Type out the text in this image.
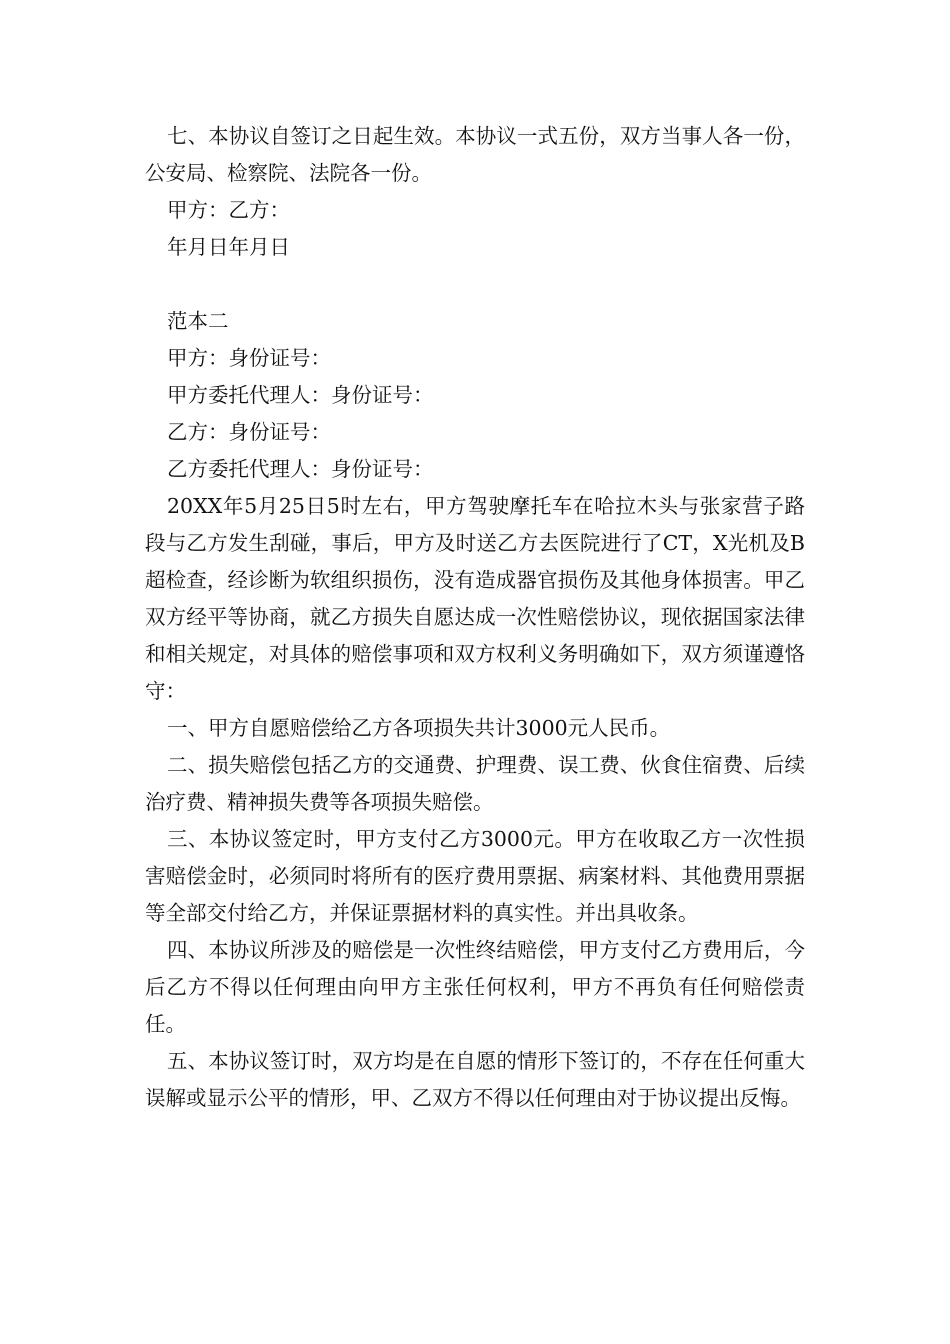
七、本协议自签订之日起生效。本协议一式五份，双方当事人各一份，公安局、检察院、法院各一份。

甲方：乙方：

年月日年月日

范本二

甲方：身份证号：

甲方委托代理人：身份证号：

乙方：身份证号：

乙方委托代理人：身份证号：

20XX年5月25日5时左右，甲方驾驶摩托车在哈拉木头与张家营子路段与乙方发生刮碰，事后，甲方及时送乙方去医院进行了CT，X光机及B超检查，经诊断为软组织损伤，没有造成器官损伤及其他身体损害。甲乙双方经平等协商，就乙方损失自愿达成一次性赔偿协议，现依据国家法律和相关规定，对具体的赔偿事项和双方权利义务明确如下，双方须谨遵恪守：

一、甲方自愿赔偿给乙方各项损失共计3000元人民币。

二、损失赔偿包括乙方的交通费、护理费、误工费、伙食住宿费、后续治疗费、精神损失费等各项损失赔偿。

三、本协议签定时，甲方支付乙方3000元。甲方在收取乙方一次性损害赔偿金时，必须同时将所有的医疗费用票据、病案材料、其他费用票据等全部交付给乙方，并保证票据材料的真实性。并出具收条。

四、本协议所涉及的赔偿是一次性终结赔偿，甲方支付乙方费用后，今后乙方不得以任何理由向甲方主张任何权利，甲方不再负有任何赔偿责任。

五、本协议签订时，双方均是在自愿的情形下签订的，不存在任何重大误解或显示公平的情形，甲、乙双方不得以任何理由对于协议提出反悔。
